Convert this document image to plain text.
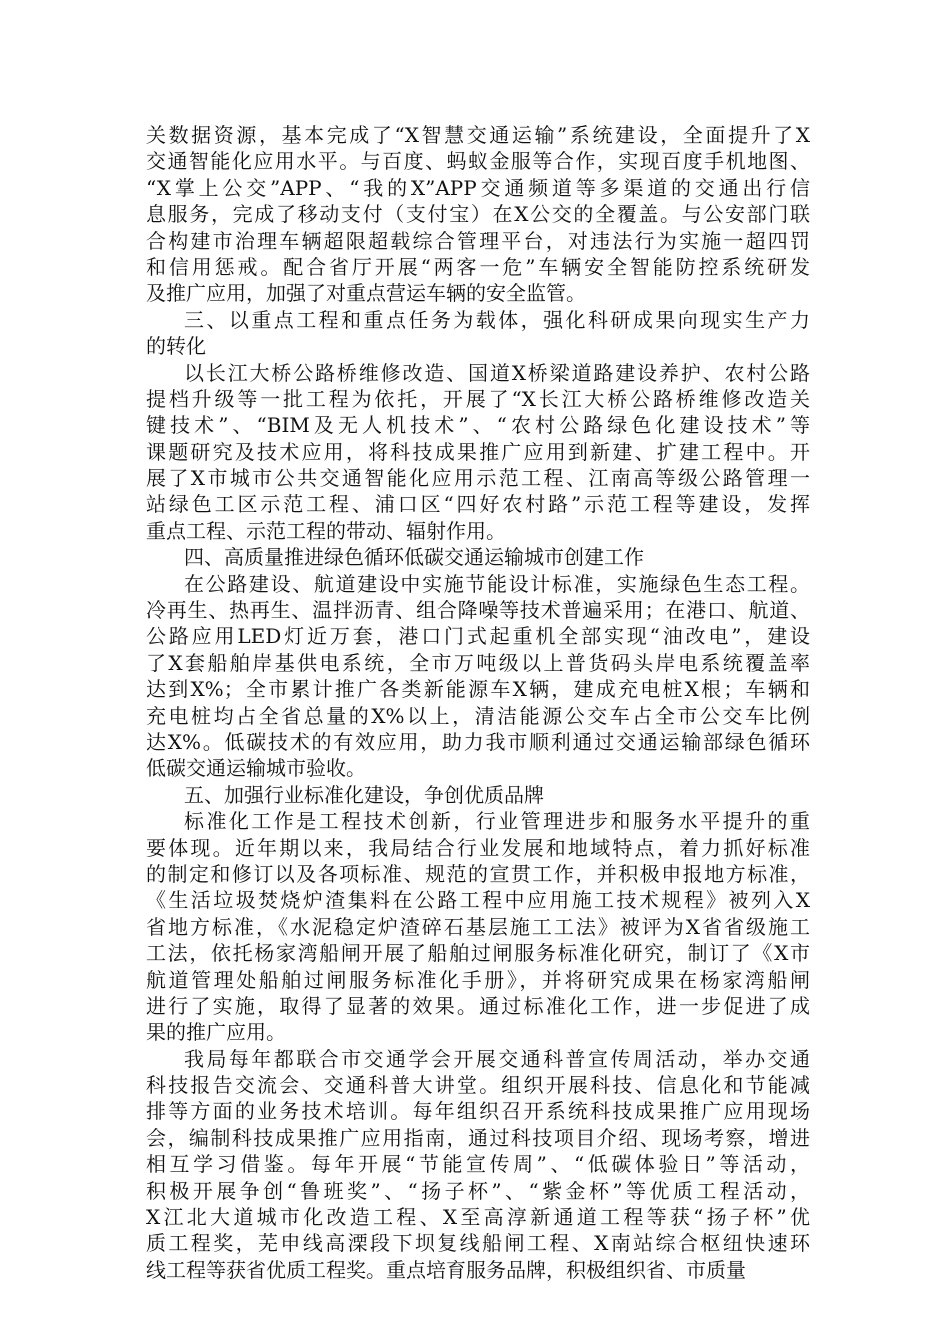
关数据资源，基本完成了“X智慧交通运输”系统建设，全面提升了X
交通智能化应用水平。与百度、蚂蚁金服等合作，实现百度手机地图、
“X掌上公交”APP、“我的X”APP交通频道等多渠道的交通出行信
息服务，完成了移动支付（支付宝）在X公交的全覆盖。与公安部门联
合构建市治理车辆超限超载综合管理平台，对违法行为实施一超四罚
和信用惩戒。配合省厅开展“两客一危”车辆安全智能防控系统研发
及推广应用，加强了对重点营运车辆的安全监管。
三、以重点工程和重点任务为载体，强化科研成果向现实生产力
的转化
以长江大桥公路桥维修改造、国道X桥梁道路建设养护、农村公路
提档升级等一批工程为依托，开展了“X长江大桥公路桥维修改造关
键技术”、“BIM及无人机技术”、“农村公路绿色化建设技术”等
课题研究及技术应用，将科技成果推广应用到新建、扩建工程中。开
展了X市城市公共交通智能化应用示范工程、江南高等级公路管理一
站绿色工区示范工程、浦口区“四好农村路”示范工程等建设，发挥
重点工程、示范工程的带动、辐射作用。
四、高质量推进绿色循环低碳交通运输城市创建工作
在公路建设、航道建设中实施节能设计标准，实施绿色生态工程。
冷再生、热再生、温拌沥青、组合降噪等技术普遍采用；在港口、航道、
公路应用LED灯近万套，港口门式起重机全部实现“油改电”，建设
了X套船舶岸基供电系统，全市万吨级以上普货码头岸电系统覆盖率
达到X%；全市累计推广各类新能源车X辆，建成充电桩X根；车辆和
充电桩均占全省总量的X%以上，清洁能源公交车占全市公交车比例
达X%。低碳技术的有效应用，助力我市顺利通过交通运输部绿色循环
低碳交通运输城市验收。
五、加强行业标准化建设，争创优质品牌
标准化工作是工程技术创新，行业管理进步和服务水平提升的重
要体现。近年期以来，我局结合行业发展和地域特点，着力抓好标准
的制定和修订以及各项标准、规范的宣贯工作，并积极申报地方标准，
《生活垃圾焚烧炉渣集料在公路工程中应用施工技术规程》被列入X
省地方标准，《水泥稳定炉渣碎石基层施工工法》被评为X省省级施工
工法，依托杨家湾船闸开展了船舶过闸服务标准化研究，制订了《X市
航道管理处船舶过闸服务标准化手册》，并将研究成果在杨家湾船闸
进行了实施，取得了显著的效果。通过标准化工作，进一步促进了成
果的推广应用。
我局每年都联合市交通学会开展交通科普宣传周活动，举办交通
科技报告交流会、交通科普大讲堂。组织开展科技、信息化和节能减
排等方面的业务技术培训。每年组织召开系统科技成果推广应用现场
会，编制科技成果推广应用指南，通过科技项目介绍、现场考察，增进
相互学习借鉴。每年开展“节能宣传周”、“低碳体验日”等活动，
积极开展争创“鲁班奖”、“扬子杯”、“紫金杯”等优质工程活动，
X江北大道城市化改造工程、X至高淳新通道工程等获“扬子杯”优
质工程奖，芜申线高溧段下坝复线船闸工程、X南站综合枢纽快速环
线工程等获省优质工程奖。重点培育服务品牌，积极组织省、市质量
